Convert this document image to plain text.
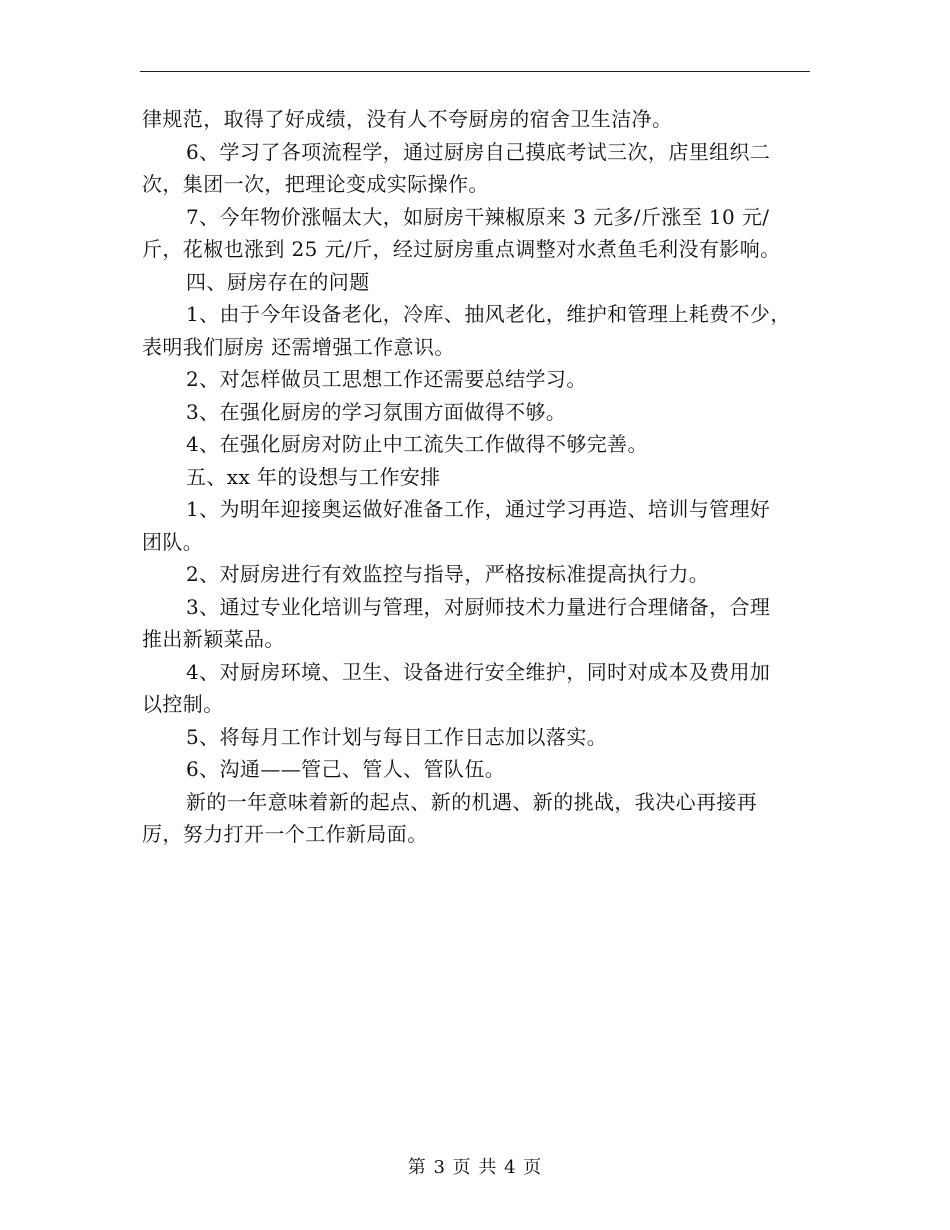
律规范，取得了好成绩，没有人不夸厨房的宿舍卫生洁净。
6、学习了各项流程学，通过厨房自己摸底考试三次，店里组织二
次，集团一次，把理论变成实际操作。
7、今年物价涨幅太大，如厨房干辣椒原来 3 元多/斤涨至 10 元/
斤，花椒也涨到 25 元/斤，经过厨房重点调整对水煮鱼毛利没有影响。
四、厨房存在的问题
1、由于今年设备老化，冷库、抽风老化，维护和管理上耗费不少，
表明我们厨房 还需增强工作意识。
2、对怎样做员工思想工作还需要总结学习。
3、在强化厨房的学习氛围方面做得不够。
4、在强化厨房对防止中工流失工作做得不够完善。
五、xx 年的设想与工作安排
1、为明年迎接奥运做好准备工作，通过学习再造、培训与管理好
团队。
2、对厨房进行有效监控与指导，严格按标准提高执行力。
3、通过专业化培训与管理，对厨师技术力量进行合理储备，合理
推出新颖菜品。
4、对厨房环境、卫生、设备进行安全维护，同时对成本及费用加
以控制。
5、将每月工作计划与每日工作日志加以落实。
6、沟通——管己、管人、管队伍。
新的一年意味着新的起点、新的机遇、新的挑战，我决心再接再
厉，努力打开一个工作新局面。
第 3 页 共 4 页
